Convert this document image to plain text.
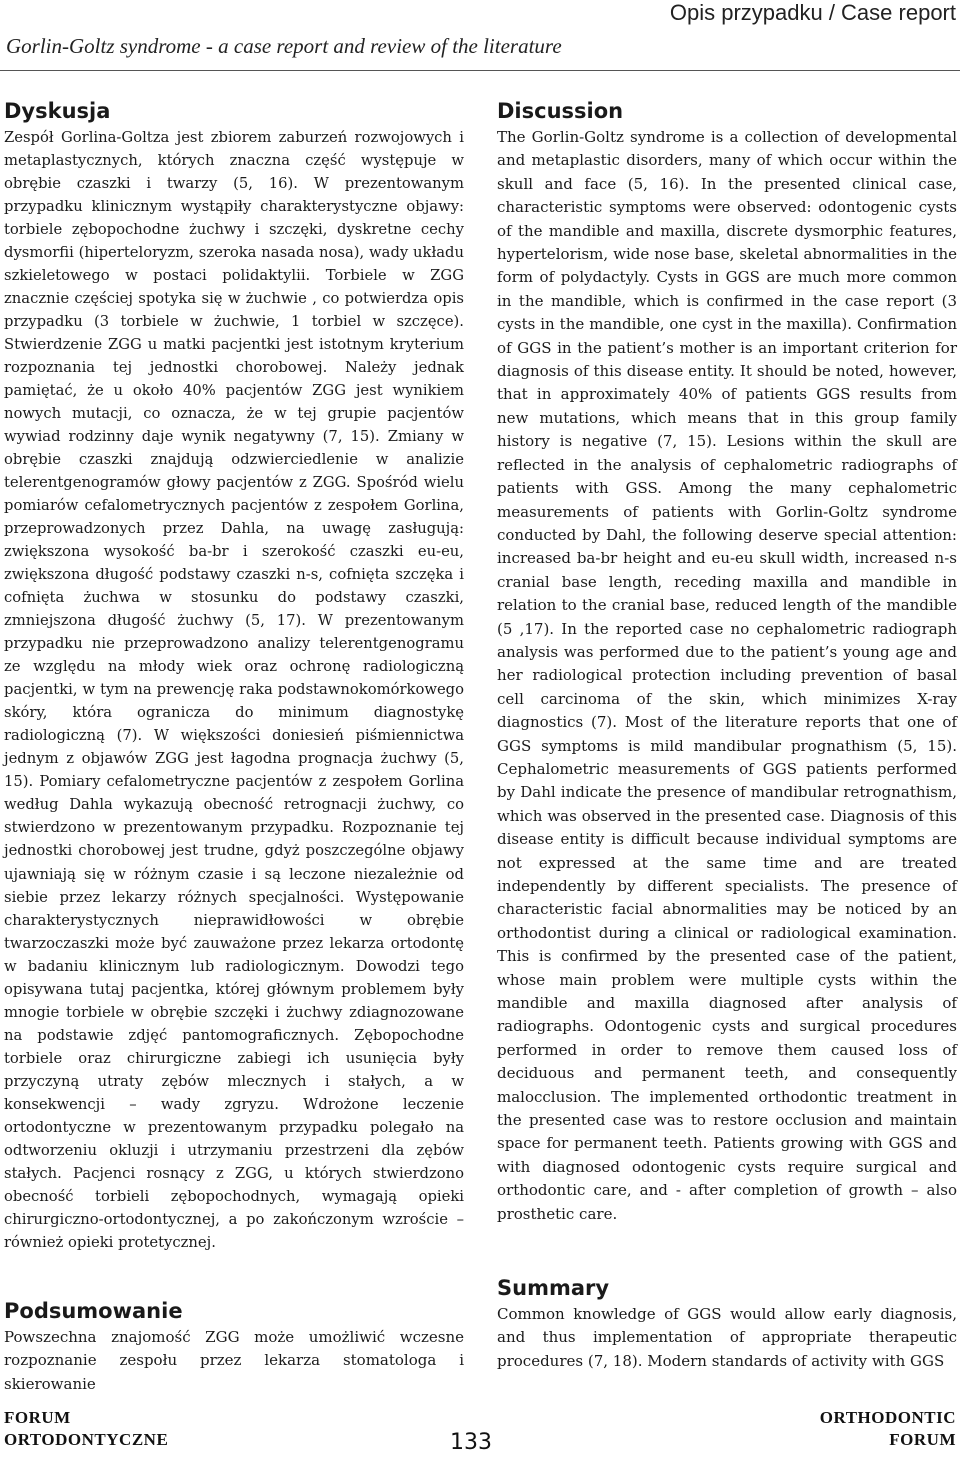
Opis przypadku / Case report
Gorlin-Goltz syndrome - a case report and review of the literature
Dyskusja

Zespół Gorlina-Goltza jest zbiorem zaburzeń rozwojowych i metaplastycznych, których znaczna część występuje w obrębie czaszki i twarzy (5, 16). W prezentowanym przypadku klinicznym wystąpiły charakterystyczne objawy: torbiele zębopochodne żuchwy i szczęki, dyskretne cechy dysmorfii (hiperteloryzm, szeroka nasada nosa), wady układu szkieletowego w postaci polidaktylii. Torbiele w ZGG znacznie częściej spotyka się w żuchwie , co potwierdza opis przypadku (3 torbiele w żuchwie, 1 torbiel w szczęce). Stwierdzenie ZGG u matki pacjentki jest istotnym kryterium rozpoznania tej jednostki chorobowej. Należy jednak pamiętać, że u około 40% pacjentów ZGG jest wynikiem nowych mutacji, co oznacza, że w tej grupie pacjentów wywiad rodzinny daje wynik negatywny (7, 15). Zmiany w obrębie czaszki znajdują odzwierciedlenie w analizie telerentgenogramów głowy pacjentów z ZGG. Spośród wielu pomiarów cefalometrycznych pacjentów z zespołem Gorlina, przeprowadzonych przez Dahla, na uwagę zasługują: zwiększona wysokość ba-br i szerokość czaszki eu-eu, zwiększona długość podstawy czaszki n-s, cofnięta szczęka i cofnięta żuchwa w stosunku do podstawy czaszki, zmniejszona długość żuchwy (5, 17). W prezentowanym przypadku nie przeprowadzono analizy telerentgenogramu ze względu na młody wiek oraz ochronę radiologiczną pacjentki, w tym na prewencję raka podstawnokomórkowego skóry, która ogranicza do minimum diagnostykę radiologiczną (7). W większości doniesień piśmiennictwa jednym z objawów ZGG jest łagodna prognacja żuchwy (5, 15). Pomiary cefalometryczne pacjentów z zespołem Gorlina według Dahla wykazują obecność retrognacji żuchwy, co stwierdzono w prezentowanym przypadku. Rozpoznanie tej jednostki chorobowej jest trudne, gdyż poszczególne objawy ujawniają się w różnym czasie i są leczone niezależnie od siebie przez lekarzy różnych specjalności. Występowanie charakterystycznych nieprawidłowości w obrębie twarzoczaszki może być zauważone przez lekarza ortodontę w badaniu klinicznym lub radiologicznym. Dowodzi tego opisywana tutaj pacjentka, której głównym problemem były mnogie torbiele w obrębie szczęki i żuchwy zdiagnozowane na podstawie zdjęć pantomograficznych. Zębopochodne torbiele oraz chirurgiczne zabiegi ich usunięcia były przyczyną utraty zębów mlecznych i stałych, a w konsekwencji – wady zgryzu. Wdrożone leczenie ortodontyczne w prezentowanym przypadku polegało na odtworzeniu okluzji i utrzymaniu przestrzeni dla zębów stałych. Pacjenci rosnący z ZGG, u których stwierdzono obecność torbieli zębopochodnych, wymagają opieki chirurgiczno-ortodontycznej, a po zakończonym wzroście – również opieki protetycznej.

Podsumowanie

Powszechna znajomość ZGG może umożliwić wczesne rozpoznanie zespołu przez lekarza stomatologa i skierowanie

Discussion

The Gorlin-Goltz syndrome is a collection of developmental and metaplastic disorders, many of which occur within the skull and face (5, 16). In the presented clinical case, characteristic symptoms were observed: odontogenic cysts of the mandible and maxilla, discrete dysmorphic features, hypertelorism, wide nose base, skeletal abnormalities in the form of polydactyly. Cysts in GGS are much more common in the mandible, which is confirmed in the case report (3 cysts in the mandible, one cyst in the maxilla). Confirmation of GGS in the patient’s mother is an important criterion for diagnosis of this disease entity. It should be noted, however, that in approximately 40% of patients GGS results from new mutations, which means that in this group family history is negative (7, 15). Lesions within the skull are reflected in the analysis of cephalometric radiographs of patients with GSS. Among the many cephalometric measurements of patients with Gorlin-Goltz syndrome conducted by Dahl, the following deserve special attention: increased ba-br height and eu-eu skull width, increased n-s cranial base length, receding maxilla and mandible in relation to the cranial base, reduced length of the mandible (5 ,17). In the reported case no cephalometric radiograph analysis was performed due to the patient’s young age and her radiological protection including prevention of basal cell carcinoma of the skin, which minimizes X-ray diagnostics (7). Most of the literature reports that one of GGS symptoms is mild mandibular prognathism (5, 15). Cephalometric measurements of GGS patients performed by Dahl indicate the presence of mandibular retrognathism, which was observed in the presented case. Diagnosis of this disease entity is difficult because individual symptoms are not expressed at the same time and are treated independently by different specialists. The presence of characteristic facial abnormalities may be noticed by an orthodontist during a clinical or radiological examination. This is confirmed by the presented case of the patient, whose main problem were multiple cysts within the mandible and maxilla diagnosed after analysis of radiographs. Odontogenic cysts and surgical procedures performed in order to remove them caused loss of deciduous and permanent teeth, and consequently malocclusion. The implemented orthodontic treatment in the presented case was to restore occlusion and maintain space for permanent teeth. Patients growing with GGS and with diagnosed odontogenic cysts require surgical and orthodontic care, and - after completion of growth – also prosthetic care.

Summary

Common knowledge of GGS would allow early diagnosis, and thus implementation of appropriate therapeutic procedures (7, 18). Modern standards of activity with GGS

FORUM
ORTODONTYCZNE	133
ORTHODONTIC
FORUM
